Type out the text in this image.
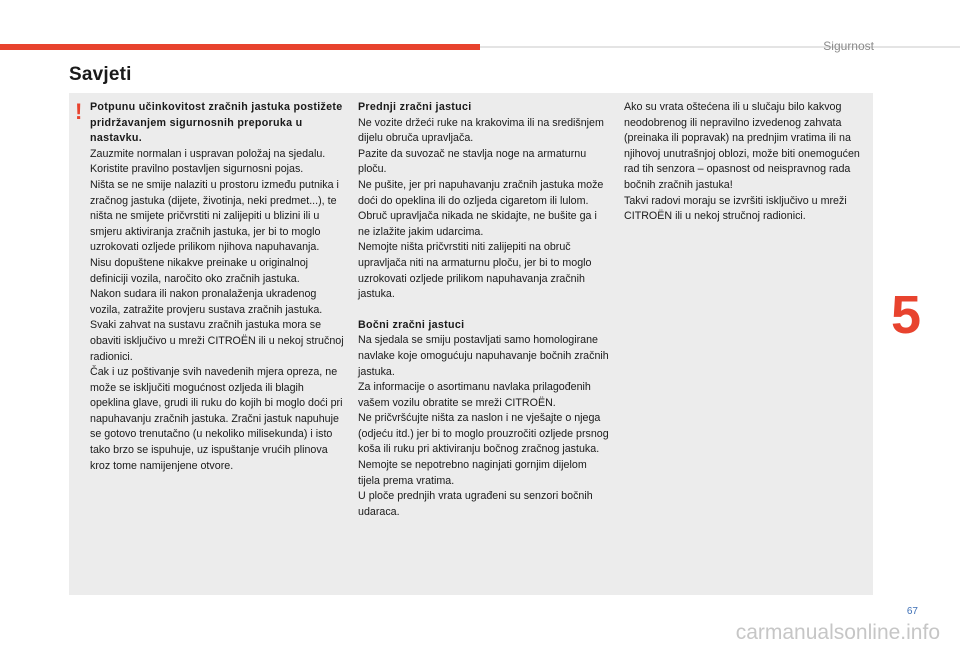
Sigurnost
Savjeti
! Potpunu učinkovitost zračnih jastuka postižete pridržavanjem sigurnosnih preporuka u nastavku.

Zauzmite normalan i uspravan položaj na sjedalu.

Koristite pravilno postavljen sigurnosni pojas.

Ništa se ne smije nalaziti u prostoru između putnika i zračnog jastuka (dijete, životinja, neki predmet...), te ništa ne smijete pričvrstiti ni zalijepiti u blizini ili u smjeru aktiviranja zračnih jastuka, jer bi to moglo uzrokovati ozljede prilikom njihova napuhavanja.

Nisu dopuštene nikakve preinake u originalnoj definiciji vozila, naročito oko zračnih jastuka.

Nakon sudara ili nakon pronalaženja ukradenog vozila, zatražite provjeru sustava zračnih jastuka.

Svaki zahvat na sustavu zračnih jastuka mora se obaviti isključivo u mreži CITROËN ili u nekoj stručnoj radionici.

Čak i uz poštivanje svih navedenih mjera opreza, ne može se isključiti mogućnost ozljeda ili blagih opeklina glave, grudi ili ruku do kojih bi moglo doći pri napuhavanju zračnih jastuka. Zračni jastuk napuhuje se gotovo trenutačno (u nekoliko milisekunda) i isto tako brzo se ispuhuje, uz ispuštanje vrućih plinova kroz tome namijenjene otvore.

Prednji zračni jastuci

Ne vozite držeći ruke na krakovima ili na središnjem dijelu obruča upravljača.

Pazite da suvozač ne stavlja noge na armaturnu ploču.

Ne pušite, jer pri napuhavanju zračnih jastuka može doći do opeklina ili do ozljeda cigaretom ili lulom.

Obruč upravljača nikada ne skidajte, ne bušite ga i ne izlažite jakim udarcima.

Nemojte ništa pričvrstiti niti zalijepiti na obruč upravljača niti na armaturnu ploču, jer bi to moglo uzrokovati ozljede prilikom napuhavanja zračnih jastuka.

Bočni zračni jastuci

Na sjedala se smiju postavljati samo homologirane navlake koje omogućuju napuhavanje bočnih zračnih jastuka.

Za informacije o asortimanu navlaka prilagođenih vašem vozilu obratite se mreži CITROËN.

Ne pričvršćujte ništa za naslon i ne vješajte o njega (odjeću itd.) jer bi to moglo prouzročiti ozljede prsnog koša ili ruku pri aktiviranju bočnog zračnog jastuka.

Nemojte se nepotrebno naginjati gornjim dijelom tijela prema vratima.

U ploče prednjih vrata ugrađeni su senzori bočnih udaraca.

Ako su vrata oštećena ili u slučaju bilo kakvog neodobrenog ili nepravilno izvedenog zahvata (preinaka ili popravak) na prednjim vratima ili na njihovoj unutrašnjoj oblozi, može biti onemogućen rad tih senzora – opasnost od neispravnog rada bočnih zračnih jastuka!

Takvi radovi moraju se izvršiti isključivo u mreži CITROËN ili u nekoj stručnoj radionici.

5
67
carmanualsonline.info
